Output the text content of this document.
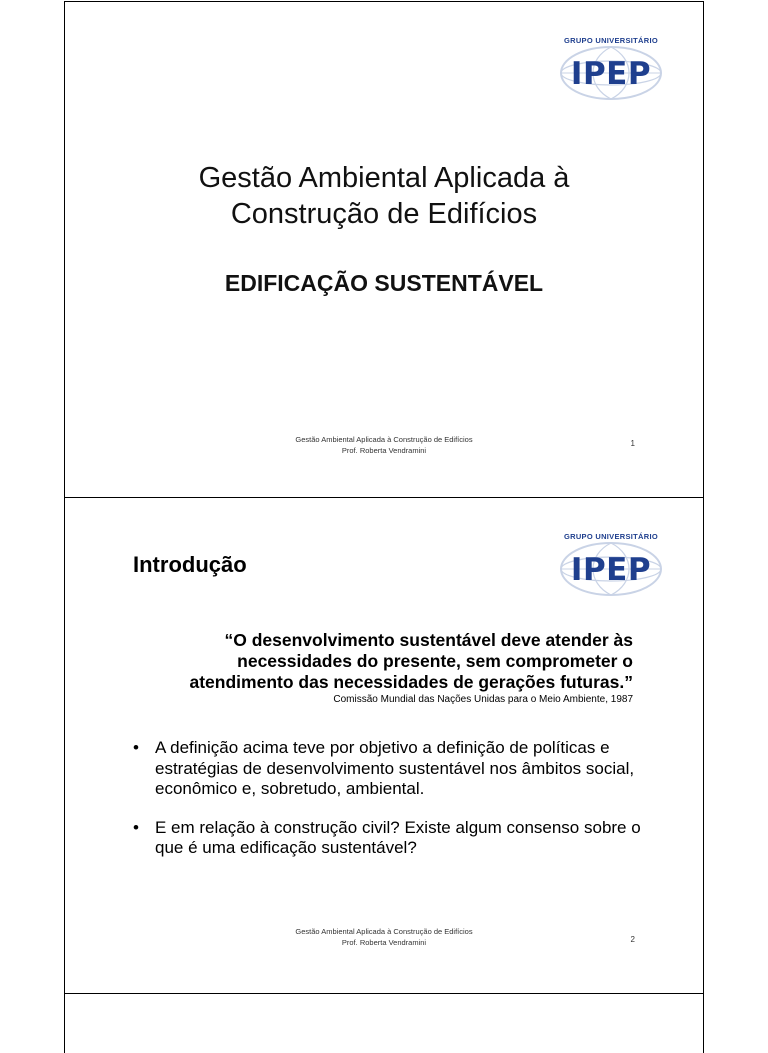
GRUPO UNIVERSITÁRIO
IPEP
Gestão Ambiental Aplicada à
Construção de Edifícios
EDIFICAÇÃO SUSTENTÁVEL
Gestão Ambiental Aplicada à Construção de Edifícios
Prof. Roberta Vendramini
1
GRUPO UNIVERSITÁRIO
IPEP
Introdução
“O desenvolvimento sustentável deve atender às
necessidades do presente, sem comprometer o
atendimento das necessidades de gerações futuras.”
Comissão Mundial das Nações Unidas para o Meio Ambiente, 1987
• A definição acima teve por objetivo a definição de políticas e estratégias de desenvolvimento sustentável nos âmbitos social, econômico e, sobretudo, ambiental.
• E em relação à construção civil? Existe algum consenso sobre o que é uma edificação sustentável?
Gestão Ambiental Aplicada à Construção de Edifícios
Prof. Roberta Vendramini	2
